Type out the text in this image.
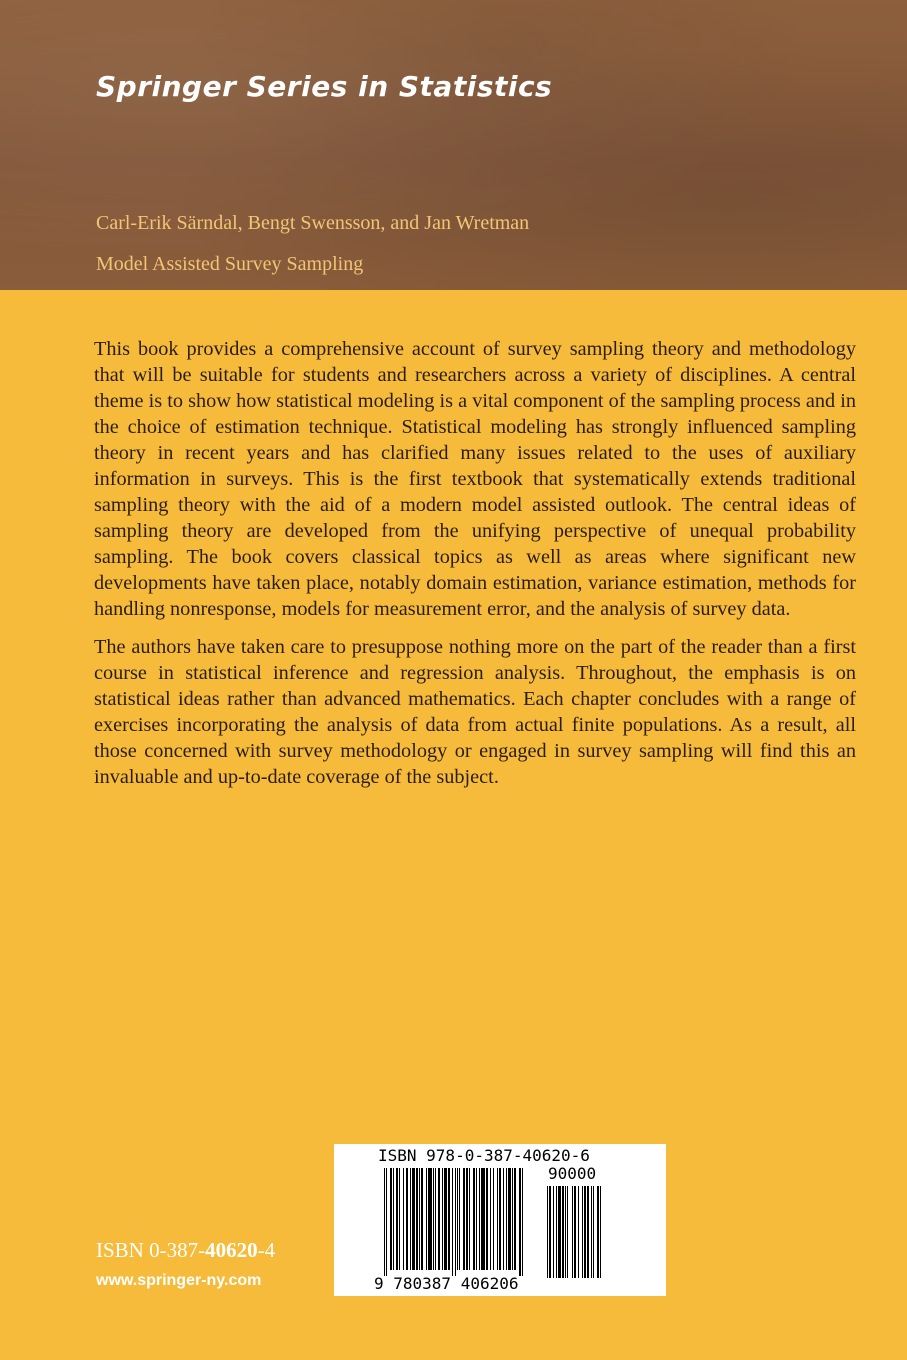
Springer Series in Statistics
Carl-Erik Särndal, Bengt Swensson, and Jan Wretman
Model Assisted Survey Sampling

This book provides a comprehensive account of survey sampling theory and methodology that will be suitable for students and researchers across a variety of disciplines. A central theme is to show how statistical modeling is a vital component of the sampling process and in the choice of estimation technique. Statistical modeling has strongly influenced sampling theory in recent years and has clarified many issues related to the uses of auxiliary information in surveys. This is the first textbook that systematically extends traditional sampling theory with the aid of a modern model assisted outlook. The central ideas of sampling theory are developed from the unifying perspective of unequal probability sampling. The book covers classical topics as well as areas where significant new developments have taken place, notably domain estimation, variance estimation, methods for handling nonresponse, models for measurement error, and the analysis of survey data.

The authors have taken care to presuppose nothing more on the part of the reader than a first course in statistical inference and regression analysis. Throughout, the emphasis is on statistical ideas rather than advanced mathematics. Each chapter concludes with a range of exercises incorporating the analysis of data from actual finite populations. As a result, all those concerned with survey methodology or engaged in survey sampling will find this an invaluable and up-to-date coverage of the subject.

ISBN 0-387-40620-4
www.springer-ny.com
ISBN 978-0-387-40620-6
90000
9 780387 406206
